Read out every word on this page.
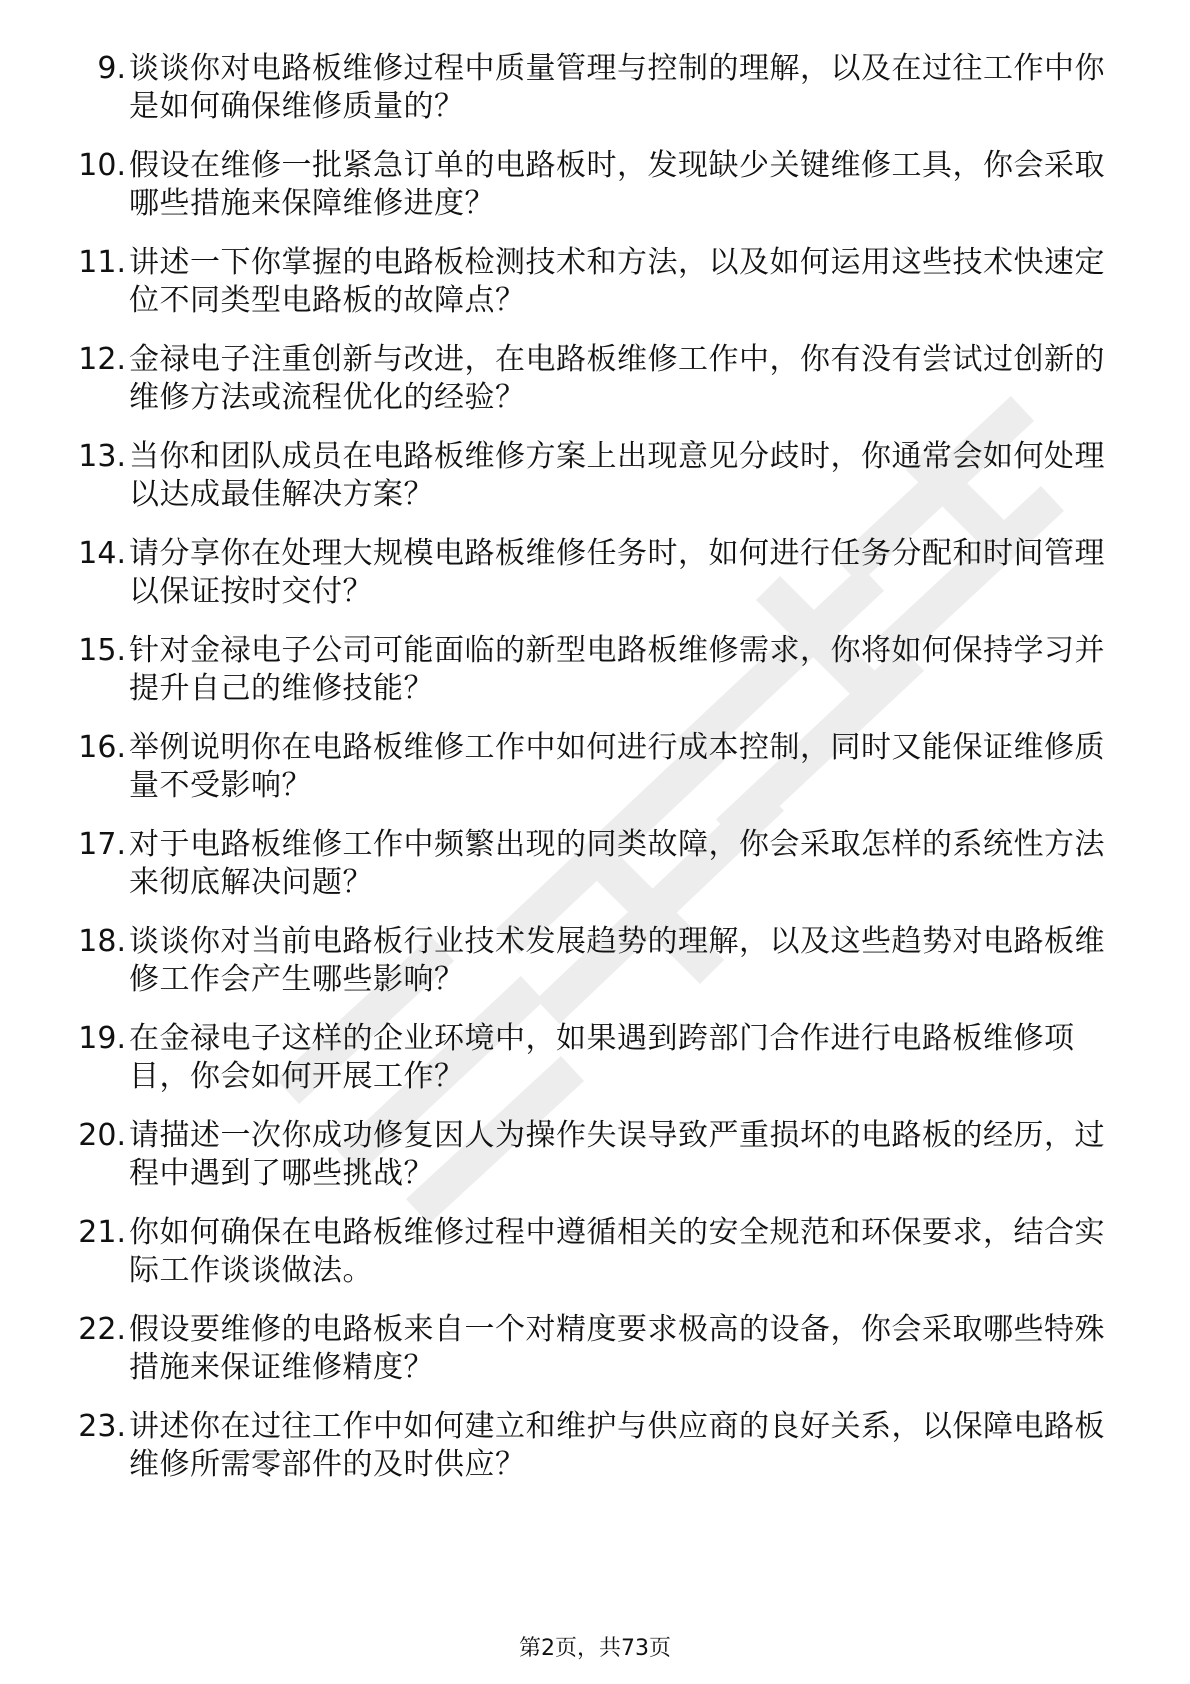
9. 谈谈你对电路板维修过程中质量管理与控制的理解，以及在过往工作中你是如何确保维修质量的？
10. 假设在维修一批紧急订单的电路板时，发现缺少关键维修工具，你会采取哪些措施来保障维修进度？
11. 讲述一下你掌握的电路板检测技术和方法，以及如何运用这些技术快速定位不同类型电路板的故障点？
12. 金禄电子注重创新与改进，在电路板维修工作中，你有没有尝试过创新的维修方法或流程优化的经验？
13. 当你和团队成员在电路板维修方案上出现意见分歧时，你通常会如何处理以达成最佳解决方案？
14. 请分享你在处理大规模电路板维修任务时，如何进行任务分配和时间管理以保证按时交付？
15. 针对金禄电子公司可能面临的新型电路板维修需求，你将如何保持学习并提升自己的维修技能？
16. 举例说明你在电路板维修工作中如何进行成本控制，同时又能保证维修质量不受影响？
17. 对于电路板维修工作中频繁出现的同类故障，你会采取怎样的系统性方法来彻底解决问题？
18. 谈谈你对当前电路板行业技术发展趋势的理解，以及这些趋势对电路板维修工作会产生哪些影响？
19. 在金禄电子这样的企业环境中，如果遇到跨部门合作进行电路板维修项目，你会如何开展工作？
20. 请描述一次你成功修复因人为操作失误导致严重损坏的电路板的经历，过程中遇到了哪些挑战？
21. 你如何确保在电路板维修过程中遵循相关的安全规范和环保要求，结合实际工作谈谈做法。
22. 假设要维修的电路板来自一个对精度要求极高的设备，你会采取哪些特殊措施来保证维修精度？
23. 讲述你在过往工作中如何建立和维护与供应商的良好关系，以保障电路板维修所需零部件的及时供应？
第2页，共73页
